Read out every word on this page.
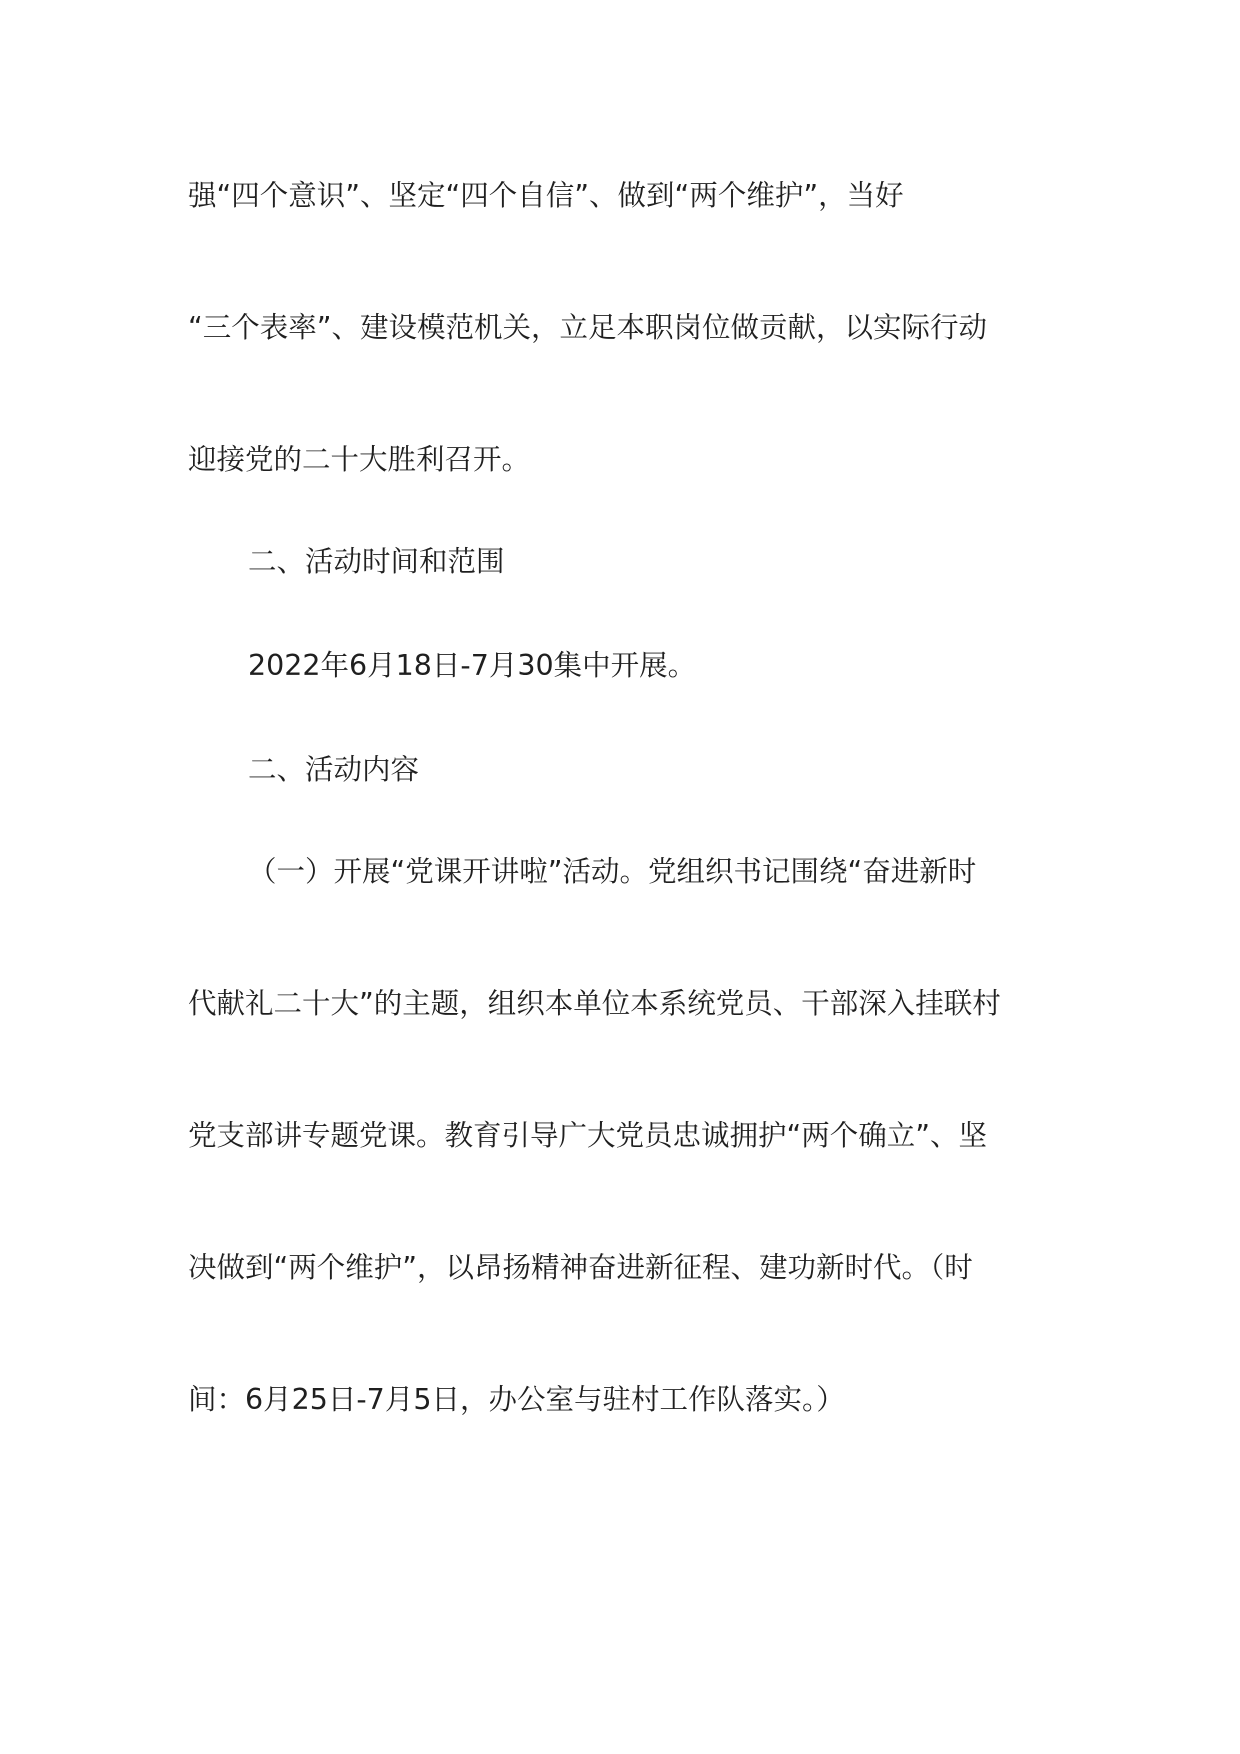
强“四个意识”、坚定“四个自信”、做到“两个维护”，当好
“三个表率”、建设模范机关，立足本职岗位做贡献，以实际行动
迎接党的二十大胜利召开。
二、活动时间和范围
2022年6月18日-7月30集中开展。
二、活动内容
（一）开展“党课开讲啦”活动。党组织书记围绕“奋进新时
代献礼二十大”的主题，组织本单位本系统党员、干部深入挂联村
党支部讲专题党课。教育引导广大党员忠诚拥护“两个确立”、坚
决做到“两个维护”，以昂扬精神奋进新征程、建功新时代。（时
间：6月25日-7月5日，办公室与驻村工作队落实。）
